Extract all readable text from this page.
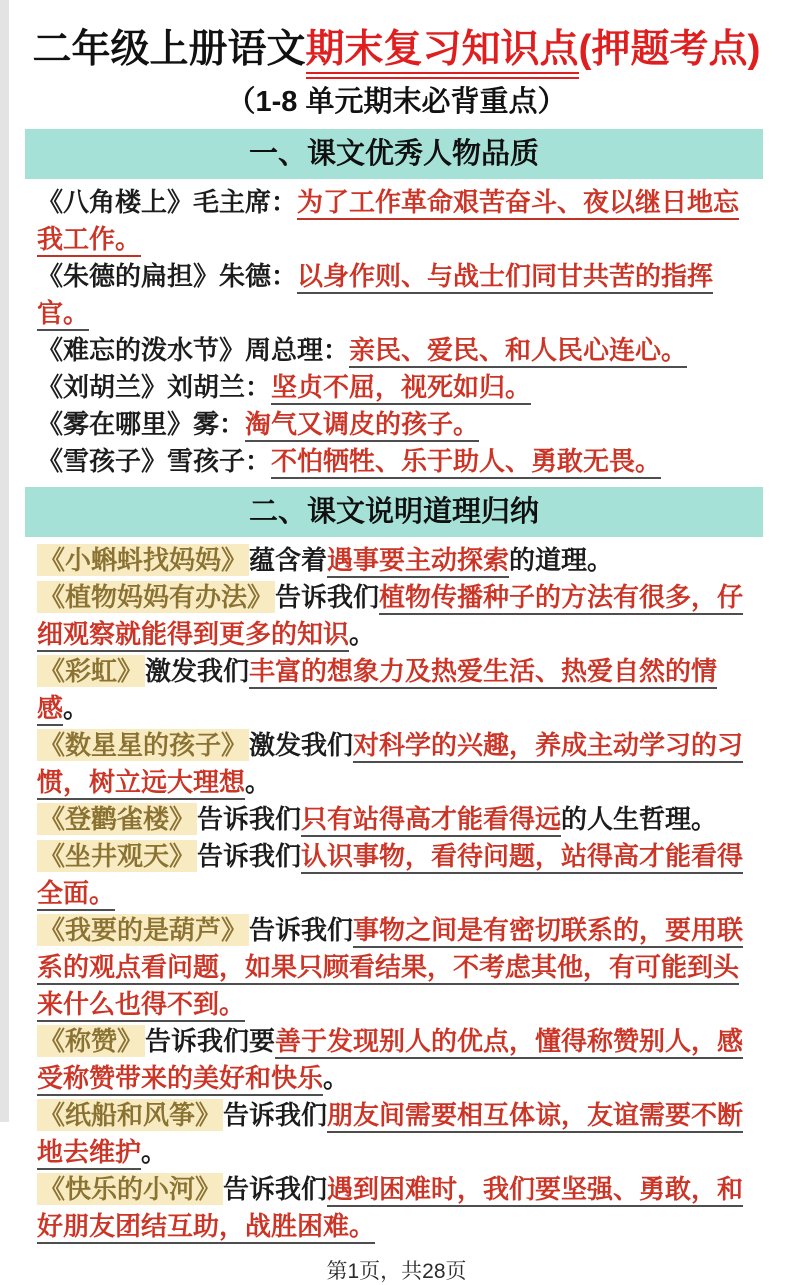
二年级上册语文期末复习知识点(押题考点)
（1-8 单元期末必背重点）
一、课文优秀人物品质

《八角楼上》毛主席：为了工作革命艰苦奋斗、夜以继日地忘我工作。

《朱德的扁担》朱德：以身作则、与战士们同甘共苦的指挥官。

《难忘的泼水节》周总理：亲民、爱民、和人民心连心。

《刘胡兰》刘胡兰：坚贞不屈，视死如归。

《雾在哪里》雾：淘气又调皮的孩子。

《雪孩子》雪孩子：不怕牺牲、乐于助人、勇敢无畏。

二、课文说明道理归纳

《小蝌蚪找妈妈》蕴含着遇事要主动探索的道理。

《植物妈妈有办法》告诉我们植物传播种子的方法有很多，仔细观察就能得到更多的知识。

《彩虹》激发我们丰富的想象力及热爱生活、热爱自然的情感。

《数星星的孩子》激发我们对科学的兴趣，养成主动学习的习惯，树立远大理想。

《登鹳雀楼》告诉我们只有站得高才能看得远的人生哲理。

《坐井观天》告诉我们认识事物，看待问题，站得高才能看得全面。

《我要的是葫芦》告诉我们事物之间是有密切联系的，要用联系的观点看问题，如果只顾看结果，不考虑其他，有可能到头来什么也得不到。

《称赞》告诉我们要善于发现别人的优点，懂得称赞别人，感受称赞带来的美好和快乐。

《纸船和风筝》告诉我们朋友间需要相互体谅，友谊需要不断地去维护。

《快乐的小河》告诉我们遇到困难时，我们要坚强、勇敢，和好朋友团结互助，战胜困难。

第1页，共28页
